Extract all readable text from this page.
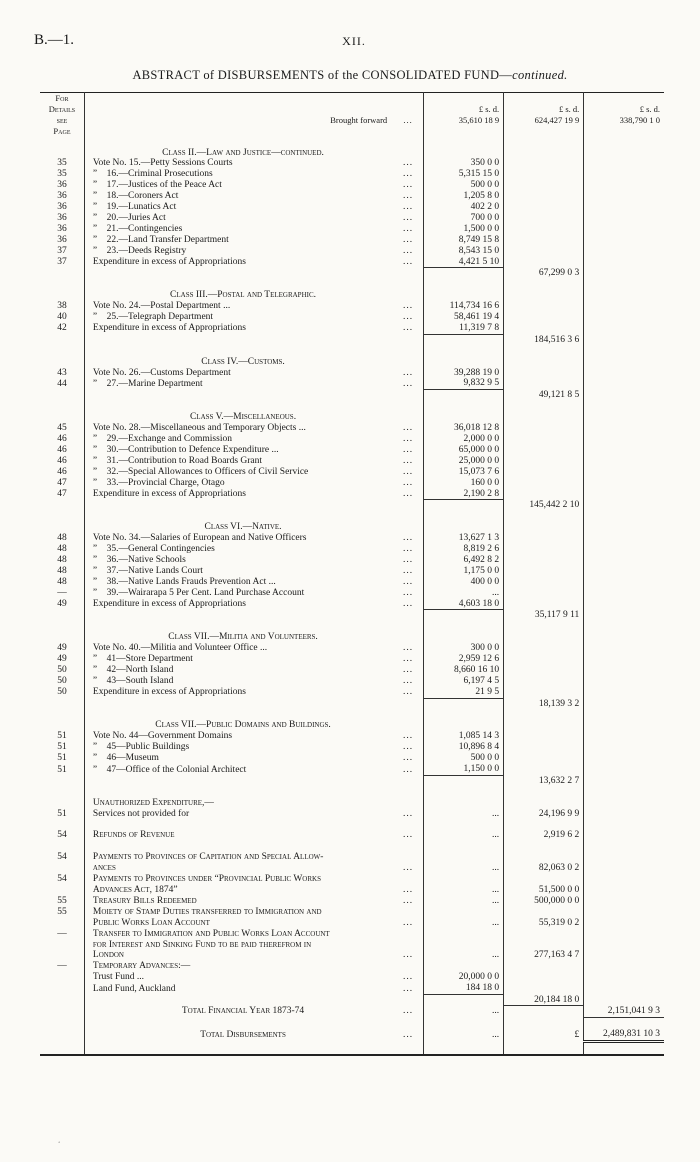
B.—1.	XII.
ABSTRACT of DISBURSEMENTS of the CONSOLIDATED FUND—continued.
For					
Details			£ s. d.	£ s. d.	£ s. d.
see	Brought forward	...	35,610 18 9	624,427 19 9	338,790 1 0
Page					

	Class II.—Law and Justice—continued.				
35	Vote No. 15.—Petty Sessions Courts	...	350 0 0		
35	” 16.—Criminal Prosecutions	...	5,315 15 0		
36	” 17.—Justices of the Peace Act	...	500 0 0		
36	” 18.—Coroners Act	...	1,205 8 0		
36	” 19.—Lunatics Act	...	402 2 0		
36	” 20.—Juries Act	...	700 0 0		
36	” 21.—Contingencies	...	1,500 0 0		
36	” 22.—Land Transfer Department	...	8,749 15 8		
37	” 23.—Deeds Registry	...	8,543 15 0		
37	Expenditure in excess of Appropriations	...	4,421 5 10		
				67,299 0 3	

	Class III.—Postal and Telegraphic.				
38	Vote No. 24.—Postal Department ...	...	114,734 16 6		
40	” 25.—Telegraph Department	...	58,461 19 4		
42	Expenditure in excess of Appropriations	...	11,319 7 8		
				184,516 3 6	

	Class IV.—Customs.				
43	Vote No. 26.—Customs Department	...	39,288 19 0		
44	” 27.—Marine Department	...	9,832 9 5		
				49,121 8 5	

	Class V.—Miscellaneous.				
45	Vote No. 28.—Miscellaneous and Temporary Objects ...	...	36,018 12 8		
46	” 29.—Exchange and Commission	...	2,000 0 0		
46	” 30.—Contribution to Defence Expenditure ...	...	65,000 0 0		
46	” 31.—Contribution to Road Boards Grant	...	25,000 0 0		
46	” 32.—Special Allowances to Officers of Civil Service	...	15,073 7 6		
47	” 33.—Provincial Charge, Otago	...	160 0 0		
47	Expenditure in excess of Appropriations	...	2,190 2 8		
				145,442 2 10	

	Class VI.—Native.				
48	Vote No. 34.—Salaries of European and Native Officers	...	13,627 1 3		
48	” 35.—General Contingencies	...	8,819 2 6		
48	” 36.—Native Schools	...	6,492 8 2		
48	” 37.—Native Lands Court	...	1,175 0 0		
48	” 38.—Native Lands Frauds Prevention Act ...	...	400 0 0		
—	” 39.—Wairarapa 5 Per Cent. Land Purchase Account	...	...		
49	Expenditure in excess of Appropriations	...	4,603 18 0		
				35,117 9 11	

	Class VII.—Militia and Volunteers.				
49	Vote No. 40.—Militia and Volunteer Office ...	...	300 0 0		
49	” 41—Store Department	...	2,959 12 6		
50	” 42—North Island	...	8,660 16 10		
50	” 43—South Island	...	6,197 4 5		
50	Expenditure in excess of Appropriations	...	21 9 5		
				18,139 3 2	

	Class VII.—Public Domains and Buildings.				
51	Vote No. 44—Government Domains	...	1,085 14 3		
51	” 45—Public Buildings	...	10,896 8 4		
51	” 46—Museum	...	500 0 0		
51	” 47—Office of the Colonial Architect	...	1,150 0 0		
				13,632 2 7	

	Unauthorized Expenditure,—				
51	Services not provided for	...	...	24,196 9 9	

54	Refunds of Revenue	...	...	2,919 6 2	

54	Payments to Provinces of Capitation and Special Allow-				
	ances	...	...	82,063 0 2	
54	Payments to Provinces under “Provincial Public Works				
	Advances Act, 1874”	...	...	51,500 0 0	
55	Treasury Bills Redeemed	...	...	500,000 0 0	
55	Moiety of Stamp Duties transferred to Immigration and				
	Public Works Loan Account	...	...	55,319 0 2	
—	Transfer to Immigration and Public Works Loan Account				
	for Interest and Sinking Fund to be paid therefrom in				
	London	...	...	277,163 4 7	
—	Temporary Advances:—				
	Trust Fund ...	...	20,000 0 0		
	Land Fund, Auckland	...	184 18 0		
				20,184 18 0	
	Total Financial Year 1873-74	...	...		2,151,041 9 3

	Total Disbursements	...	...	£	2,489,831 10 3

‘
